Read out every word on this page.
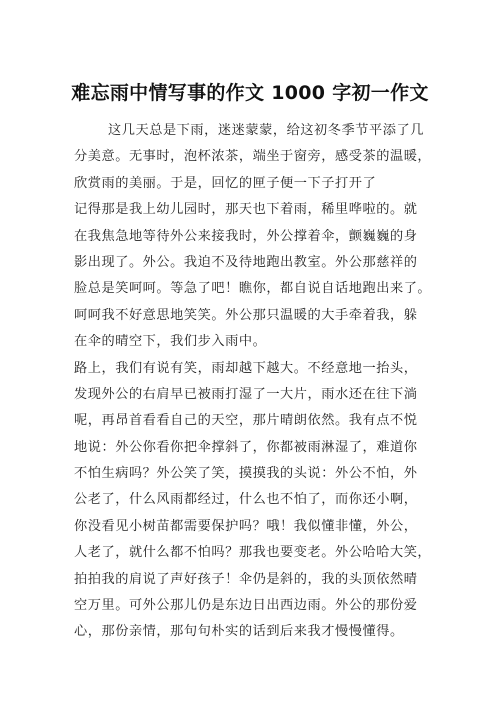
难忘雨中情写事的作文 1000 字初一作文
这几天总是下雨，迷迷蒙蒙，给这初冬季节平添了几
分美意。无事时，泡杯浓茶，端坐于窗旁，感受茶的温暖，
欣赏雨的美丽。于是，回忆的匣子便一下子打开了
记得那是我上幼儿园时，那天也下着雨，稀里哗啦的。就
在我焦急地等待外公来接我时，外公撑着伞，颤巍巍的身
影出现了。外公。我迫不及待地跑出教室。外公那慈祥的
脸总是笑呵呵。等急了吧！瞧你，都自说自话地跑出来了。
呵呵我不好意思地笑笑。外公那只温暖的大手牵着我，躲
在伞的晴空下，我们步入雨中。
路上，我们有说有笑，雨却越下越大。不经意地一抬头，
发现外公的右肩早已被雨打湿了一大片，雨水还在往下淌
呢，再昂首看看自己的天空，那片晴朗依然。我有点不悦
地说：外公你看你把伞撑斜了，你都被雨淋湿了，难道你
不怕生病吗？外公笑了笑，摸摸我的头说：外公不怕，外
公老了，什么风雨都经过，什么也不怕了，而你还小啊，
你没看见小树苗都需要保护吗？哦！我似懂非懂，外公，
人老了，就什么都不怕吗？那我也要变老。外公哈哈大笑，
拍拍我的肩说了声好孩子！伞仍是斜的，我的头顶依然晴
空万里。可外公那儿仍是东边日出西边雨。外公的那份爱
心，那份亲情，那句句朴实的话到后来我才慢慢懂得。
